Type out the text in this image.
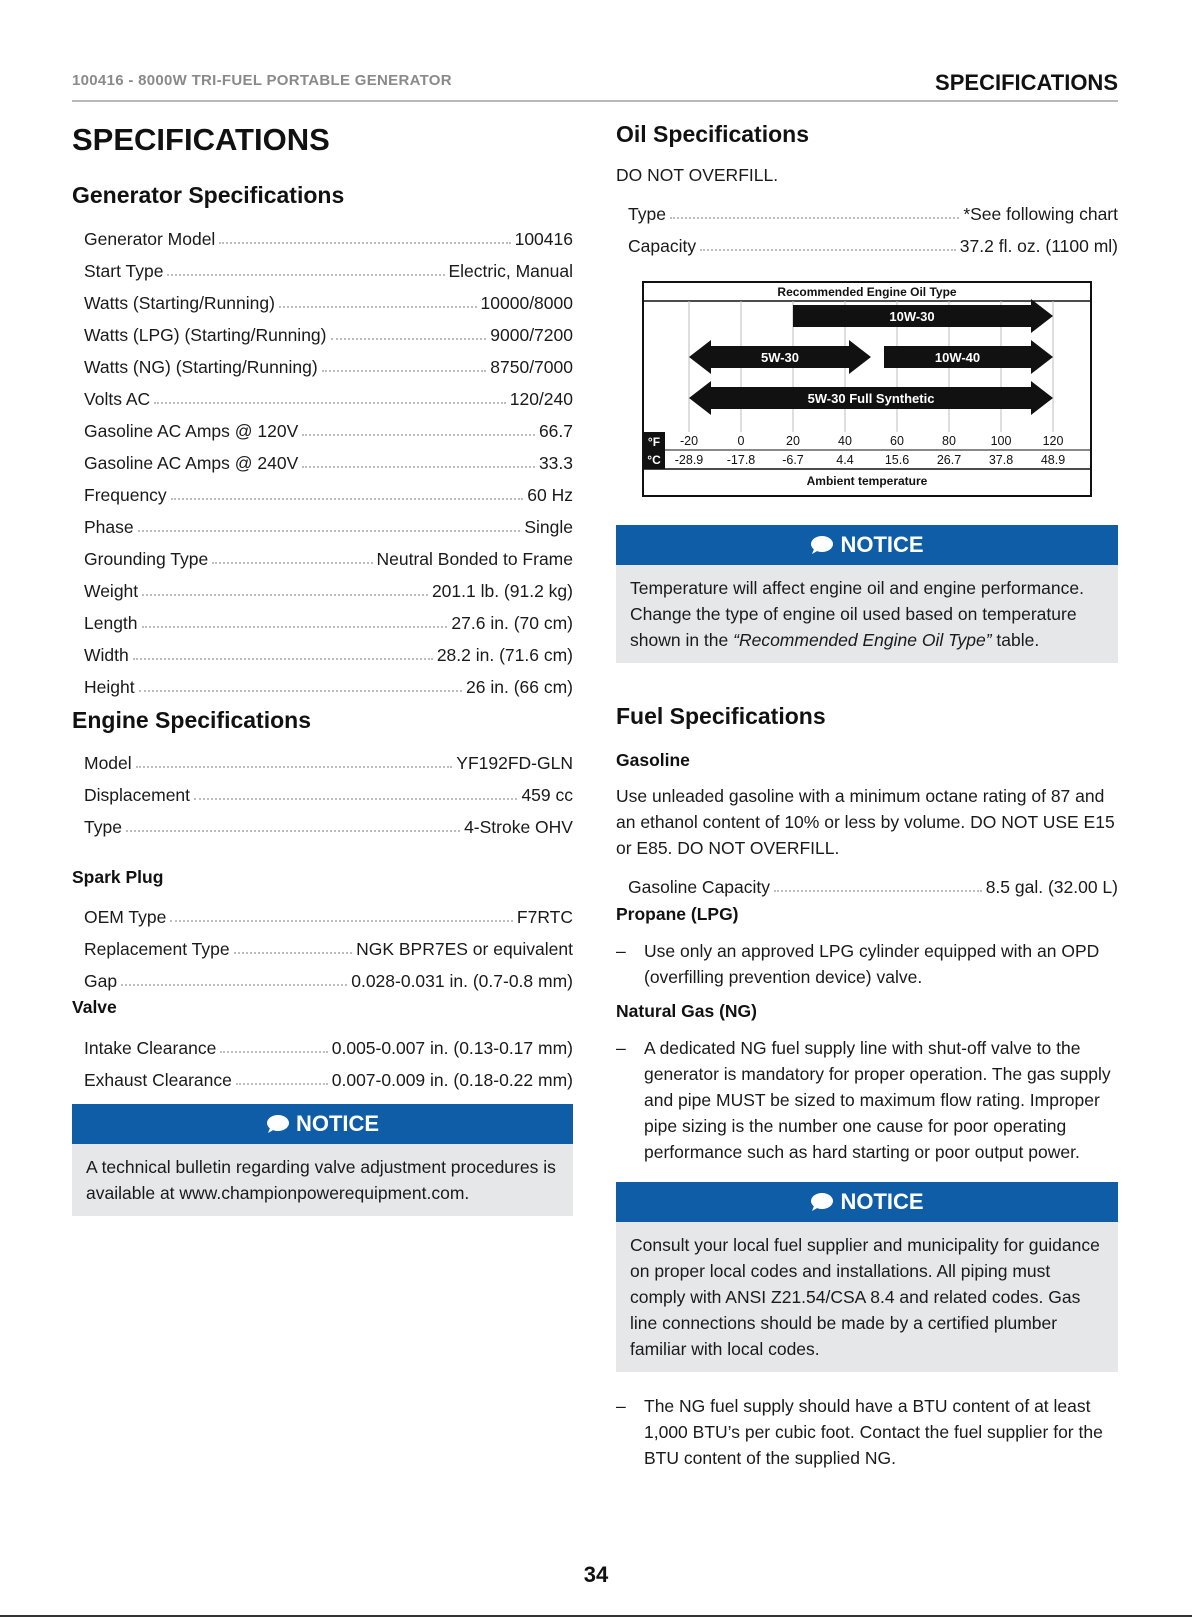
100416 - 8000W TRI-FUEL PORTABLE GENERATOR	SPECIFICATIONS
SPECIFICATIONS
Generator Specifications
Generator Model	100416
Start Type	Electric, Manual
Watts (Starting/Running)	10000/8000
Watts (LPG) (Starting/Running)	9000/7200
Watts (NG) (Starting/Running)	8750/7000
Volts AC	120/240
Gasoline AC Amps @ 120V	66.7
Gasoline AC Amps @ 240V	33.3
Frequency	60 Hz
Phase	Single
Grounding Type	Neutral Bonded to Frame
Weight	201.1 lb. (91.2 kg)
Length	27.6 in. (70 cm)
Width	28.2 in. (71.6 cm)
Height	26 in. (66 cm)
Engine Specifications
Model	YF192FD-GLN
Displacement	459 cc
Type	4-Stroke OHV
Spark Plug
OEM Type	F7RTC
Replacement Type	NGK BPR7ES or equivalent
Gap	0.028-0.031 in. (0.7-0.8 mm)
Valve
Intake Clearance	0.005-0.007 in. (0.13-0.17 mm)
Exhaust Clearance	0.007-0.009 in. (0.18-0.22 mm)
NOTICE
A technical bulletin regarding valve adjustment procedures is available at www.championpowerequipment.com.
Oil Specifications
DO NOT OVERFILL.
Type	*See following chart
Capacity	37.2 fl. oz. (1100 ml)
Recommended Engine Oil Type
10W-30
5W-30	10W-40
5W-30 Full Synthetic
°F
°C
-20	0	20	40	60	80	100 120
-28.9 -17.8 -6.7	4.4 15.6 26.7 37.8 48.9
Ambient temperature
NOTICE
Temperature will affect engine oil and engine performance. Change the type of engine oil used based on temperature shown in the “Recommended Engine Oil Type” table.
Fuel Specifications
Gasoline
Use unleaded gasoline with a minimum octane rating of 87 and an ethanol content of 10% or less by volume. DO NOT USE E15 or E85. DO NOT OVERFILL.
Gasoline Capacity	8.5 gal. (32.00 L)
Propane (LPG)
– Use only an approved LPG cylinder equipped with an OPD (overfilling prevention device) valve.
Natural Gas (NG)
– A dedicated NG fuel supply line with shut-off valve to the generator is mandatory for proper operation. The gas supply and pipe MUST be sized to maximum flow rating. Improper pipe sizing is the number one cause for poor operating performance such as hard starting or poor output power.
NOTICE
Consult your local fuel supplier and municipality for guidance on proper local codes and installations. All piping must comply with ANSI Z21.54/CSA 8.4 and related codes. Gas line connections should be made by a certified plumber familiar with local codes.
– The NG fuel supply should have a BTU content of at least 1,000 BTU’s per cubic foot. Contact the fuel supplier for the BTU content of the supplied NG.
34
